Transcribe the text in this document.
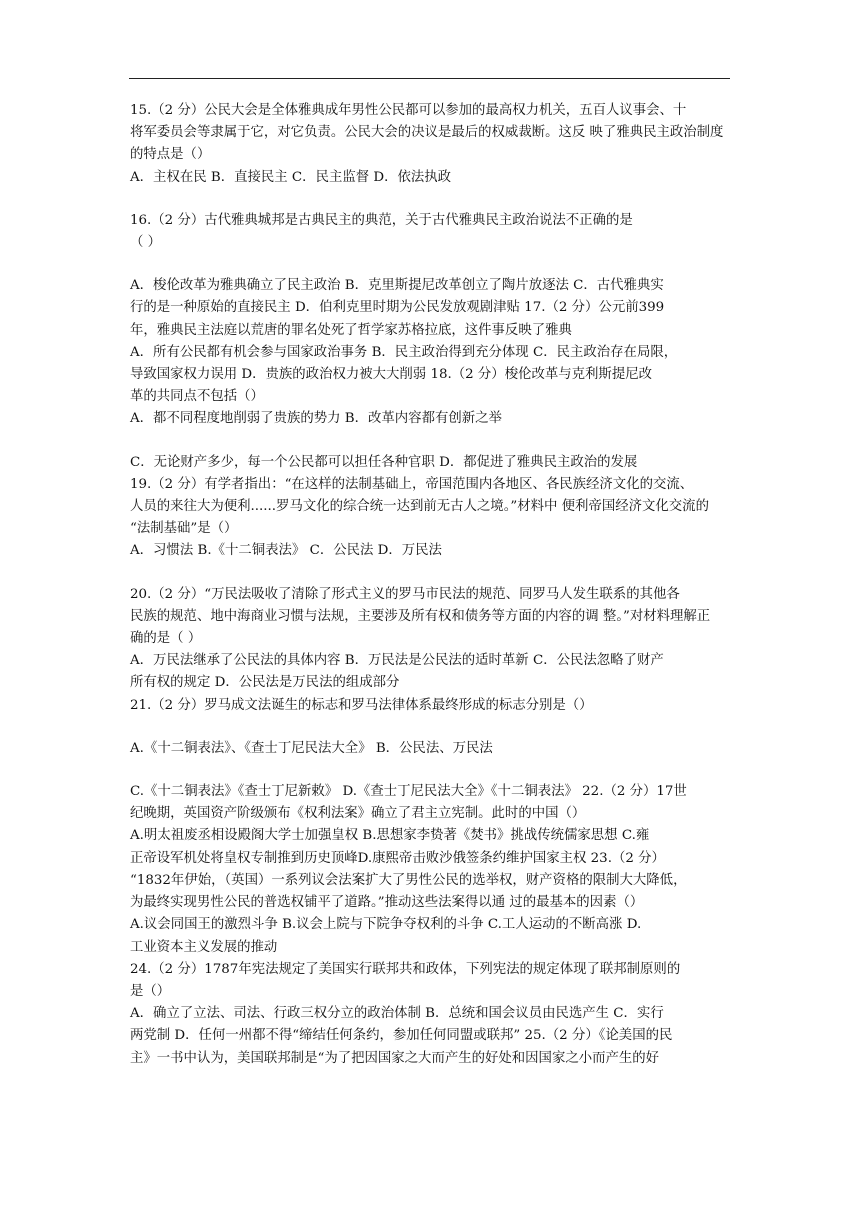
15.（2 分）公民大会是全体雅典成年男性公民都可以参加的最高权力机关，五百人议事会、十
将军委员会等隶属于它，对它负责。公民大会的决议是最后的权威裁断。这反 映了雅典民主政治制度
的特点是（）
A．主权在民 B．直接民主 C．民主监督 D．依法执政
16.（2 分）古代雅典城邦是古典民主的典范，关于古代雅典民主政治说法不正确的是
（ ）
A．梭伦改革为雅典确立了民主政治 B．克里斯提尼改革创立了陶片放逐法 C．古代雅典实
行的是一种原始的直接民主 D．伯利克里时期为公民发放观剧津贴 17.（2 分）公元前399
年，雅典民主法庭以荒唐的罪名处死了哲学家苏格拉底，这件事反映了雅典
A．所有公民都有机会参与国家政治事务 B．民主政治得到充分体现 C．民主政治存在局限，
导致国家权力误用 D．贵族的政治权力被大大削弱 18.（2 分）梭伦改革与克利斯提尼改
革的共同点不包括（）
A．都不同程度地削弱了贵族的势力 B．改革内容都有创新之举
C．无论财产多少，每一个公民都可以担任各种官职 D．都促进了雅典民主政治的发展
19.（2 分）有学者指出：“在这样的法制基础上，帝国范围内各地区、各民族经济文化的交流、
人员的来往大为便利......罗马文化的综合统一达到前无古人之境。”材料中 便利帝国经济文化交流的
“法制基础”是（）
A．习惯法 B.《十二铜表法》 C．公民法 D．万民法
20.（2 分）“万民法吸收了清除了形式主义的罗马市民法的规范、同罗马人发生联系的其他各
民族的规范、地中海商业习惯与法规，主要涉及所有权和债务等方面的内容的调 整。”对材料理解正
确的是（ ）
A．万民法继承了公民法的具体内容 B．万民法是公民法的适时革新 C．公民法忽略了财产
所有权的规定 D．公民法是万民法的组成部分
21.（2 分）罗马成文法诞生的标志和罗马法律体系最终形成的标志分别是（）
A.《十二铜表法》、《查士丁尼民法大全》 B．公民法、万民法
C.《十二铜表法》《查士丁尼新敕》 D.《查士丁尼民法大全》《十二铜表法》 22.（2 分）17世
纪晚期，英国资产阶级颁布《权利法案》确立了君主立宪制。此时的中国（）
A.明太祖废丞相设殿阁大学士加强皇权 B.思想家李贽著《焚书》挑战传统儒家思想 C.雍
正帝设军机处将皇权专制推到历史顶峰D.康熙帝击败沙俄签条约维护国家主权 23.（2 分）
“1832年伊始，（英国）一系列议会法案扩大了男性公民的选举权，财产资格的限制大大降低，
为最终实现男性公民的普选权铺平了道路。”推动这些法案得以通 过的最基本的因素（）
A.议会同国王的激烈斗争 B.议会上院与下院争夺权利的斗争 C.工人运动的不断高涨 D.
工业资本主义发展的推动
24.（2 分）1787年宪法规定了美国实行联邦共和政体，下列宪法的规定体现了联邦制原则的
是（）
A．确立了立法、司法、行政三权分立的政治体制 B．总统和国会议员由民选产生 C．实行
两党制 D．任何一州都不得“缔结任何条约，参加任何同盟或联邦” 25.（2 分）《论美国的民
主》一书中认为，美国联邦制是“为了把因国家之大而产生的好处和因国家之小而产生的好
